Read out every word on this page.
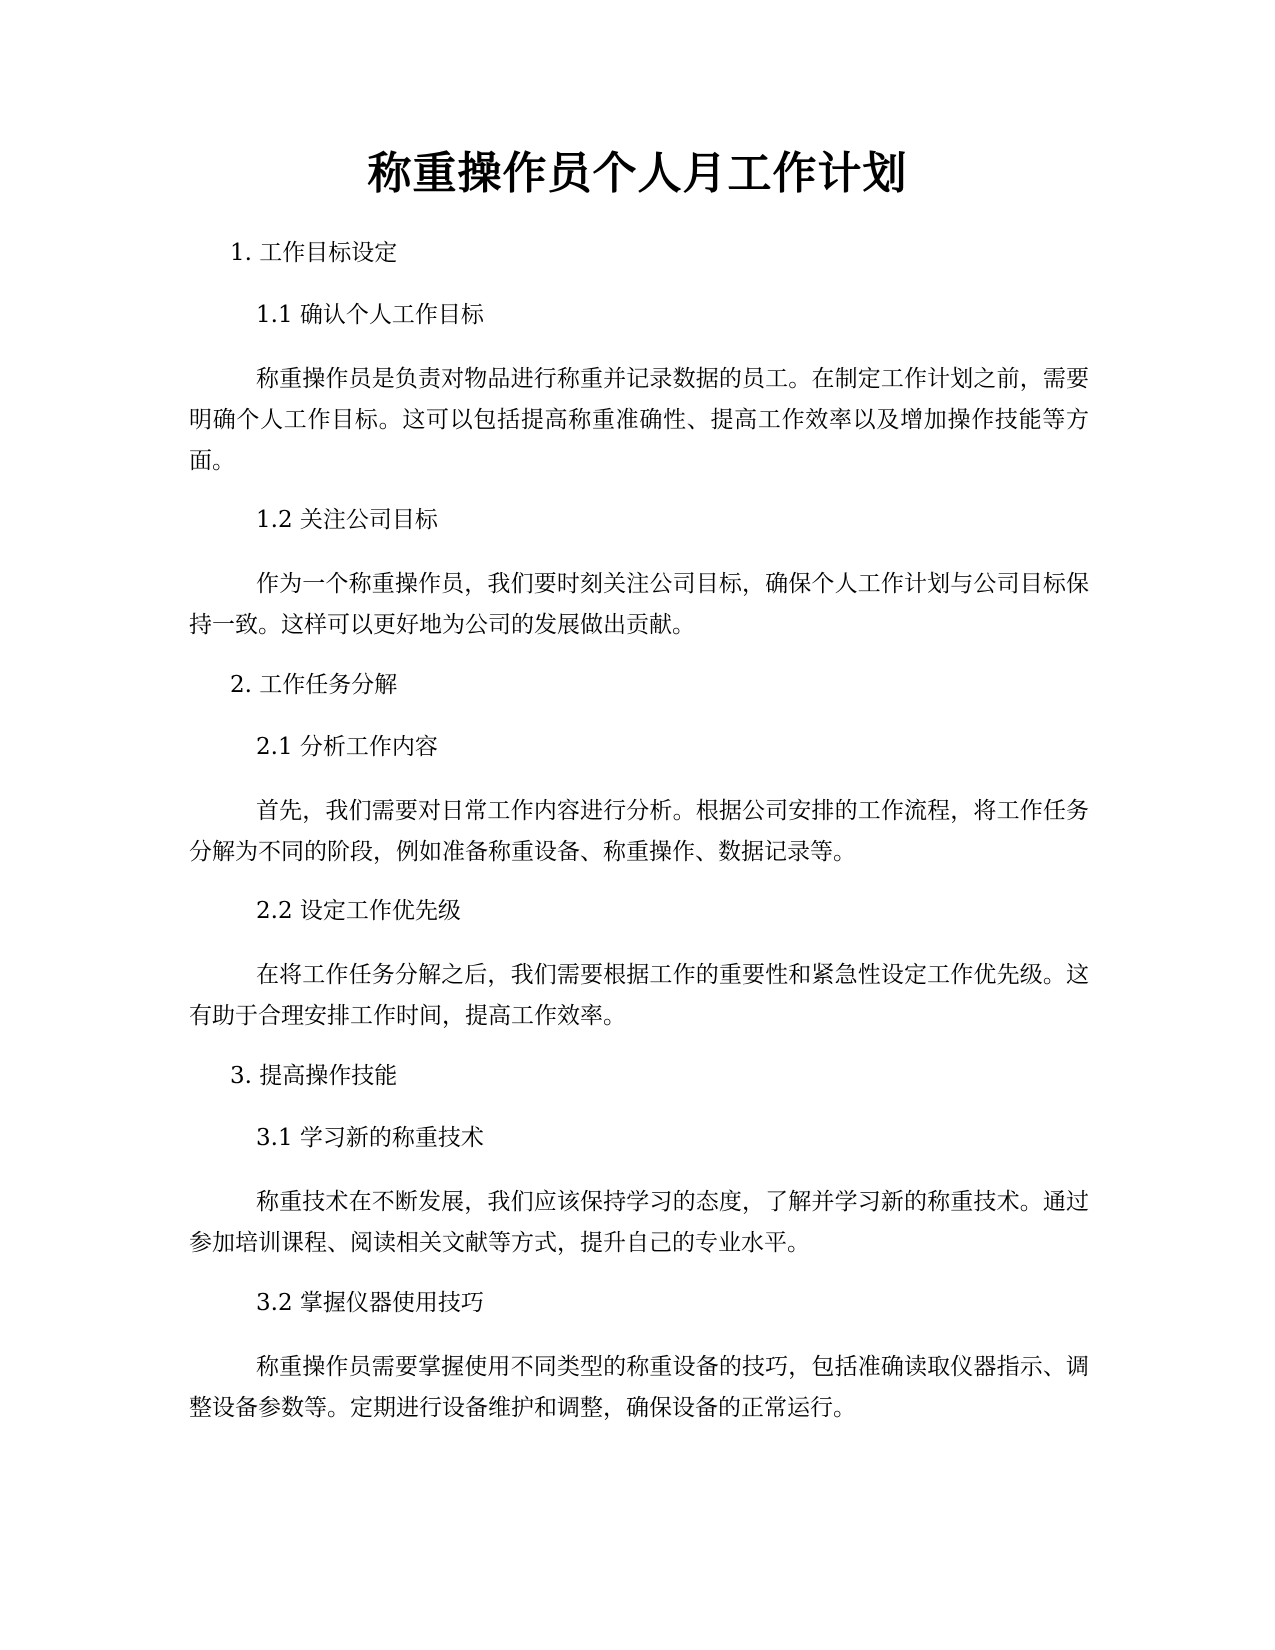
称重操作员个人月工作计划
1. 工作目标设定
1.1 确认个人工作目标
称重操作员是负责对物品进行称重并记录数据的员工。在制定工作计划之前，需要明确个人工作目标。这可以包括提高称重准确性、提高工作效率以及增加操作技能等方面。
1.2 关注公司目标
作为一个称重操作员，我们要时刻关注公司目标，确保个人工作计划与公司目标保持一致。这样可以更好地为公司的发展做出贡献。
2. 工作任务分解
2.1 分析工作内容
首先，我们需要对日常工作内容进行分析。根据公司安排的工作流程，将工作任务分解为不同的阶段，例如准备称重设备、称重操作、数据记录等。
2.2 设定工作优先级
在将工作任务分解之后，我们需要根据工作的重要性和紧急性设定工作优先级。这有助于合理安排工作时间，提高工作效率。
3. 提高操作技能
3.1 学习新的称重技术
称重技术在不断发展，我们应该保持学习的态度，了解并学习新的称重技术。通过参加培训课程、阅读相关文献等方式，提升自己的专业水平。
3.2 掌握仪器使用技巧
称重操作员需要掌握使用不同类型的称重设备的技巧，包括准确读取仪器指示、调整设备参数等。定期进行设备维护和调整，确保设备的正常运行。
